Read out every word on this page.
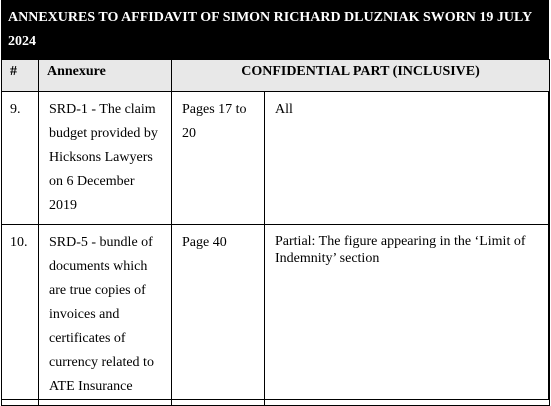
ANNEXURES TO AFFIDAVIT OF SIMON RICHARD DLUZNIAK SWORN 19 JULY 2024
#	Annexure	CONFIDENTIAL PART (INCLUSIVE)	
9.	SRD-1 - The claim budget provided by Hicksons Lawyers on 6 December 2019	Pages 17 to 20	All
10.	SRD-5 - bundle of documents which are true copies of invoices and certificates of currency related to ATE Insurance	Page 40	Partial: The figure appearing in the ‘Limit of Indemnity’ section
